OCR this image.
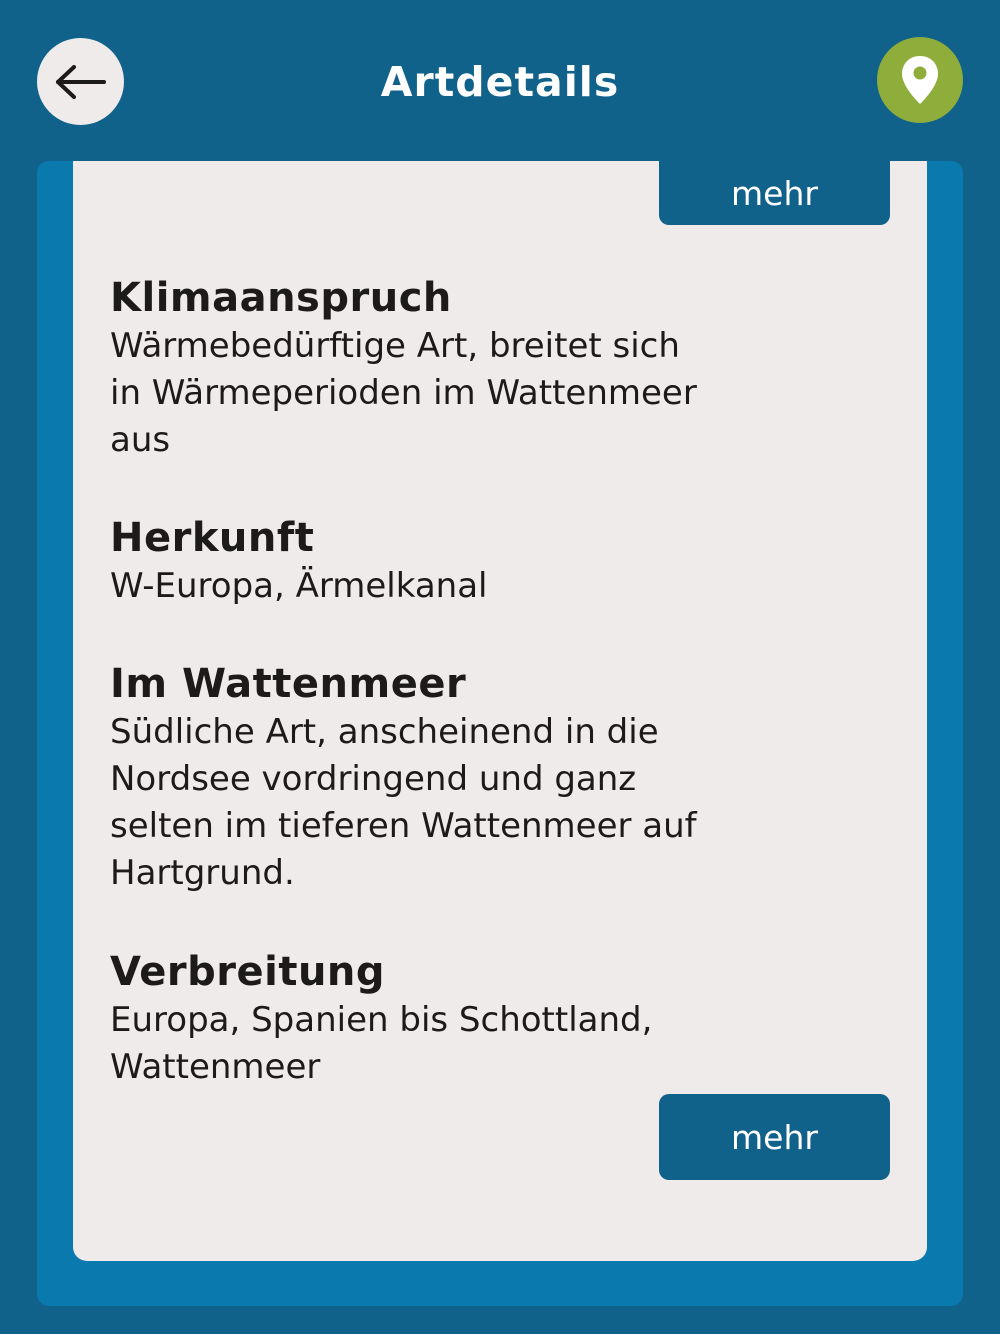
Artdetails
mehr
Klimaanspruch

Wärmebedürftige Art, breitet sich in Wärmeperioden im Wattenmeer aus

Herkunft

W-Europa, Ärmelkanal

Im Wattenmeer

Südliche Art, anscheinend in die Nordsee vordringend und ganz selten im tieferen Wattenmeer auf Hartgrund.

Verbreitung

Europa, Spanien bis Schottland, Wattenmeer

mehr
